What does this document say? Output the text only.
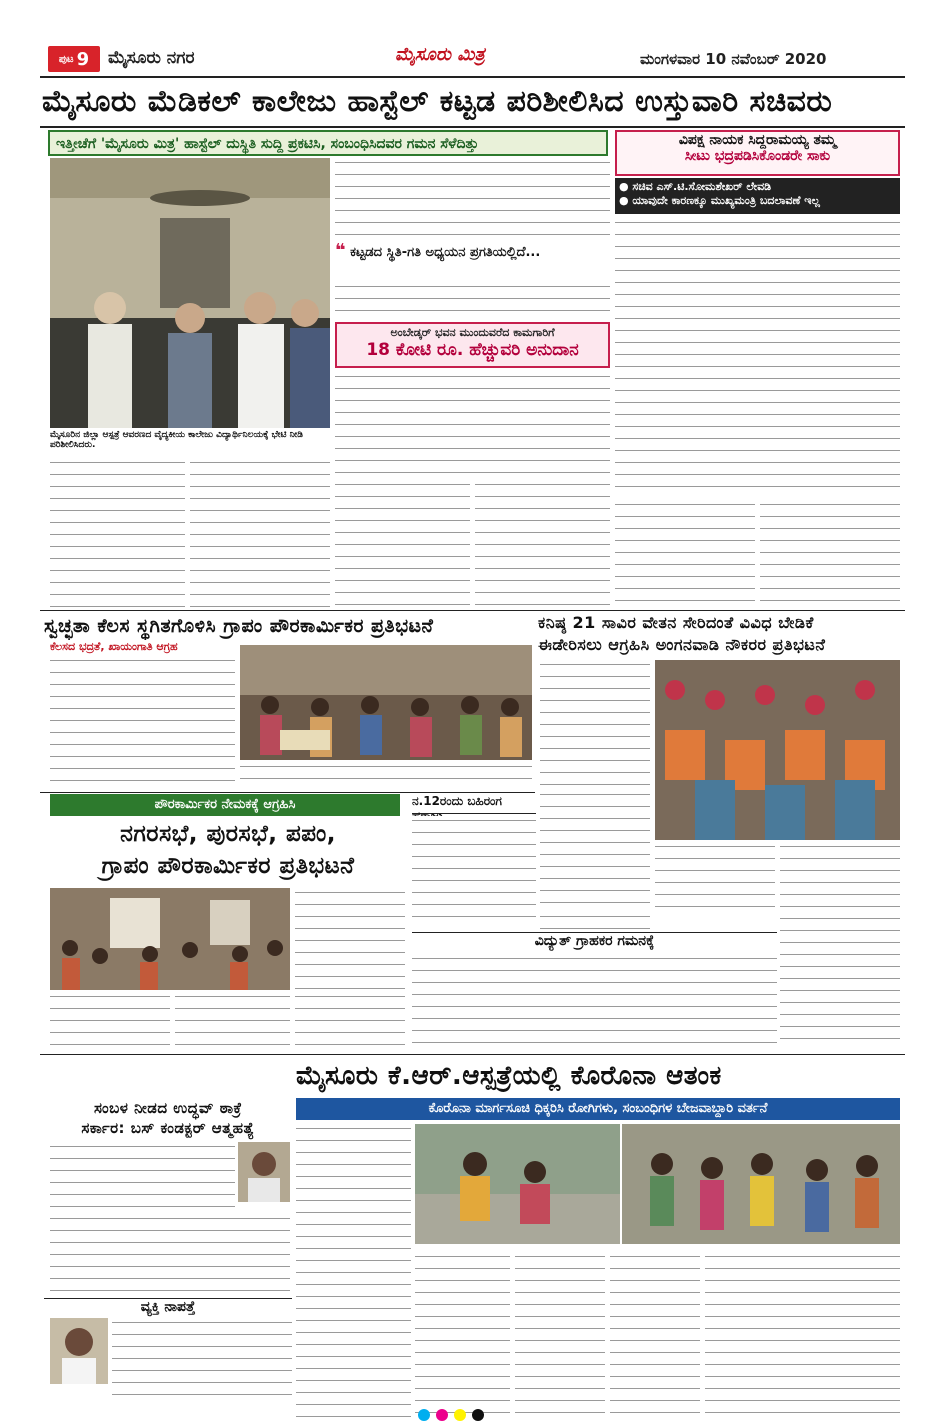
ಪುಟ 9 ಮೈಸೂರು ನಗರ	ಮೈಸೂರು ಮಿತ್ರ	ಮಂಗಳವಾರ 10 ನವೆಂಬರ್ 2020
ಮೈಸೂರು ಮೆಡಿಕಲ್ ಕಾಲೇಜು ಹಾಸ್ಟೆಲ್ ಕಟ್ಟಡ ಪರಿಶೀಲಿಸಿದ ಉಸ್ತುವಾರಿ ಸಚಿವರು
ಇತ್ತೀಚೆಗೆ 'ಮೈಸೂರು ಮಿತ್ರ' ಹಾಸ್ಟೆಲ್ ದುಸ್ಥಿತಿ ಸುದ್ದಿ ಪ್ರಕಟಿಸಿ, ಸಂಬಂಧಿಸಿದವರ ಗಮನ ಸೆಳೆದಿತ್ತು
ಮೈಸೂರಿನ ಜಿಲ್ಲಾ ಆಸ್ಪತ್ರೆ ಆವರಣದ ವೈದ್ಯಕೀಯ ಕಾಲೇಜು ವಿದ್ಯಾರ್ಥಿನಿಲಯಕ್ಕೆ ಭೇಟಿ ನೀಡಿ ಪರಿಶೀಲಿಸಿದರು.
❝ ಕಟ್ಟಡದ ಸ್ಥಿತಿ-ಗತಿ ಅಧ್ಯಯನ ಪ್ರಗತಿಯಲ್ಲಿದೆ...
ಅಂಬೇಡ್ಕರ್ ಭವನ ಮುಂದುವರೆದ ಕಾಮಗಾರಿಗೆ
18 ಕೋಟಿ ರೂ. ಹೆಚ್ಚುವರಿ ಅನುದಾನ
ವಿಪಕ್ಷ ನಾಯಕ ಸಿದ್ದರಾಮಯ್ಯ ತಮ್ಮ
ಸೀಟು ಭದ್ರಪಡಿಸಿಕೊಂಡರೇ ಸಾಕು
● ಸಚಿವ ಎಸ್.ಟಿ.ಸೋಮಶೇಖರ್ ಲೇವಡಿ
● ಯಾವುದೇ ಕಾರಣಕ್ಕೂ ಮುಖ್ಯಮಂತ್ರಿ ಬದಲಾವಣೆ ಇಲ್ಲ
ಸ್ವಚ್ಛತಾ ಕೆಲಸ ಸ್ಥಗಿತಗೊಳಿಸಿ ಗ್ರಾಪಂ ಪೌರಕಾರ್ಮಿಕರ ಪ್ರತಿಭಟನೆ
ಕೆಲಸದ ಭದ್ರತೆ, ಖಾಯಂಗಾತಿ ಆಗ್ರಹ
ಕನಿಷ್ಠ 21 ಸಾವಿರ ವೇತನ ಸೇರಿದಂತೆ ವಿವಿಧ ಬೇಡಿಕೆ
ಈಡೇರಿಸಲು ಆಗ್ರಹಿಸಿ ಅಂಗನವಾಡಿ ನೌಕರರ ಪ್ರತಿಭಟನೆ
ಪೌರಕಾರ್ಮಿಕರ ನೇಮಕಕ್ಕೆ ಆಗ್ರಹಿಸಿ
ನಗರಸಭೆ, ಪುರಸಭೆ, ಪಪಂ,
ಗ್ರಾಪಂ ಪೌರಕಾರ್ಮಿಕರ ಪ್ರತಿಭಟನೆ
ನ.12ರಂದು ಬಹಿರಂಗ
ವಿದ್ಯುತ್ ಗ್ರಾಹಕರ ಗಮನಕ್ಕೆ
ಮೈಸೂರು ಕೆ.ಆರ್.ಆಸ್ಪತ್ರೆಯಲ್ಲಿ ಕೊರೊನಾ ಆತಂಕ
ಕೊರೊನಾ ಮಾರ್ಗಸೂಚಿ ಧಿಕ್ಕರಿಸಿ ರೋಗಿಗಳು, ಸಂಬಂಧಿಗಳ ಬೇಜವಾಬ್ದಾರಿ ವರ್ತನೆ
ಸಂಬಳ ನೀಡದ ಉದ್ಧವ್ ಠಾಕ್ರೆ
ಸರ್ಕಾರ: ಬಸ್ ಕಂಡಕ್ಟರ್ ಆತ್ಮಹತ್ಯೆ
ವ್ಯಕ್ತಿ ನಾಪತ್ತೆ
